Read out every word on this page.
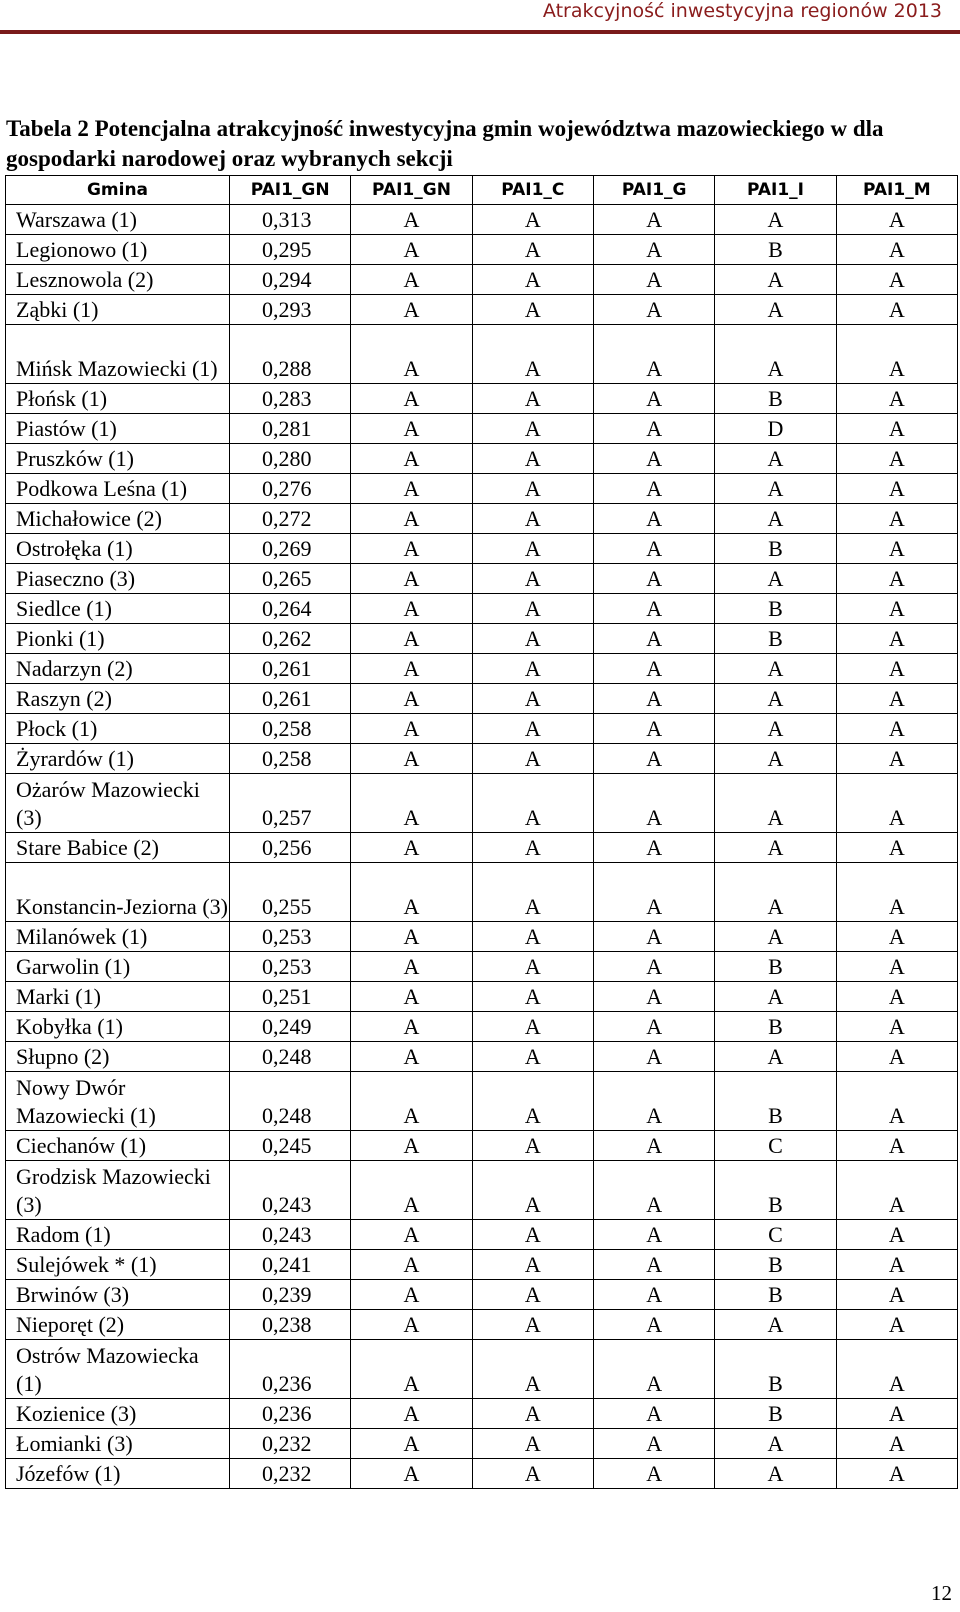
Atrakcyjność inwestycyjna regionów 2013
Tabela 2 Potencjalna atrakcyjność inwestycyjna gmin województwa mazowieckiego w dla gospodarki narodowej oraz wybranych sekcji
Gmina	PAI1_GN	PAI1_GN	PAI1_C	PAI1_G	PAI1_I	PAI1_M
Warszawa (1)	0,313	A	A	A	A	A
Legionowo (1)	0,295	A	A	A	B	A
Lesznowola (2)	0,294	A	A	A	A	A
Ząbki (1)	0,293	A	A	A	A	A
Mińsk Mazowiecki (1)	0,288	A	A	A	A	A
Płońsk (1)	0,283	A	A	A	B	A
Piastów (1)	0,281	A	A	A	D	A
Pruszków (1)	0,280	A	A	A	A	A
Podkowa Leśna (1)	0,276	A	A	A	A	A
Michałowice (2)	0,272	A	A	A	A	A
Ostrołęka (1)	0,269	A	A	A	B	A
Piaseczno (3)	0,265	A	A	A	A	A
Siedlce (1)	0,264	A	A	A	B	A
Pionki (1)	0,262	A	A	A	B	A
Nadarzyn (2)	0,261	A	A	A	A	A
Raszyn (2)	0,261	A	A	A	A	A
Płock (1)	0,258	A	A	A	A	A
Żyrardów (1)	0,258	A	A	A	A	A
Ożarów Mazowiecki (3)	0,257	A	A	A	A	A
Stare Babice (2)	0,256	A	A	A	A	A
Konstancin-Jeziorna (3)	0,255	A	A	A	A	A
Milanówek (1)	0,253	A	A	A	A	A
Garwolin (1)	0,253	A	A	A	B	A
Marki (1)	0,251	A	A	A	A	A
Kobyłka (1)	0,249	A	A	A	B	A
Słupno (2)	0,248	A	A	A	A	A
Nowy Dwór Mazowiecki (1)	0,248	A	A	A	B	A
Ciechanów (1)	0,245	A	A	A	C	A
Grodzisk Mazowiecki (3)	0,243	A	A	A	B	A
Radom (1)	0,243	A	A	A	C	A
Sulejówek * (1)	0,241	A	A	A	B	A
Brwinów (3)	0,239	A	A	A	B	A
Nieporęt (2)	0,238	A	A	A	A	A
Ostrów Mazowiecka (1)	0,236	A	A	A	B	A
Kozienice (3)	0,236	A	A	A	B	A
Łomianki (3)	0,232	A	A	A	A	A
Józefów (1)	0,232	A	A	A	A	A
12
